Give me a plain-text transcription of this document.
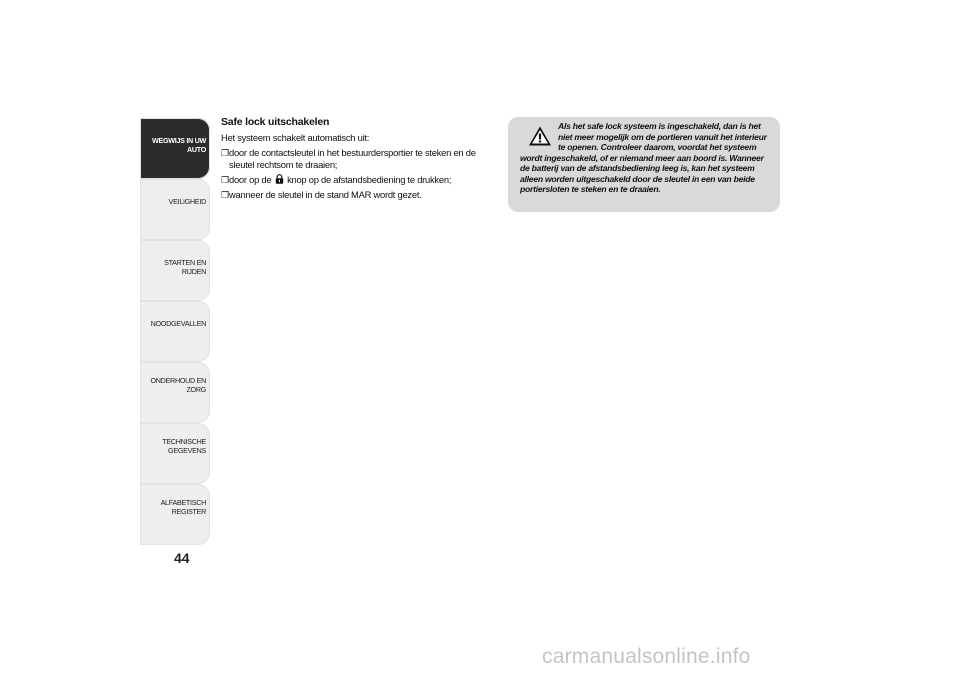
WEGWIJS IN UW
AUTO
VEILIGHEID
STARTEN EN RIJDEN
NOODGEVALLEN
ONDERHOUD EN
ZORG
TECHNISCHE
GEGEVENS
ALFABETISCH
REGISTER
44
Safe lock uitschakelen
Het systeem schakelt automatisch uit:
❒ door de contactsleutel in het bestuurdersportier te steken en de sleutel rechtsom te draaien;
❒ door op de knop op de afstandsbediening te drukken;
❒ wanneer de sleutel in de stand MAR wordt gezet.
Als het safe lock systeem is ingeschakeld, dan is het niet meer mogelijk om de portieren vanuit het interieur te openen. Controleer daarom, voordat het systeem
wordt ingeschakeld, of er niemand meer aan boord is. Wanneer de batterij van de afstandsbediening leeg is, kan het systeem alleen worden uitgeschakeld door de sleutel in een van beide portiersloten te steken en te draaien.
carmanualsonline.info
